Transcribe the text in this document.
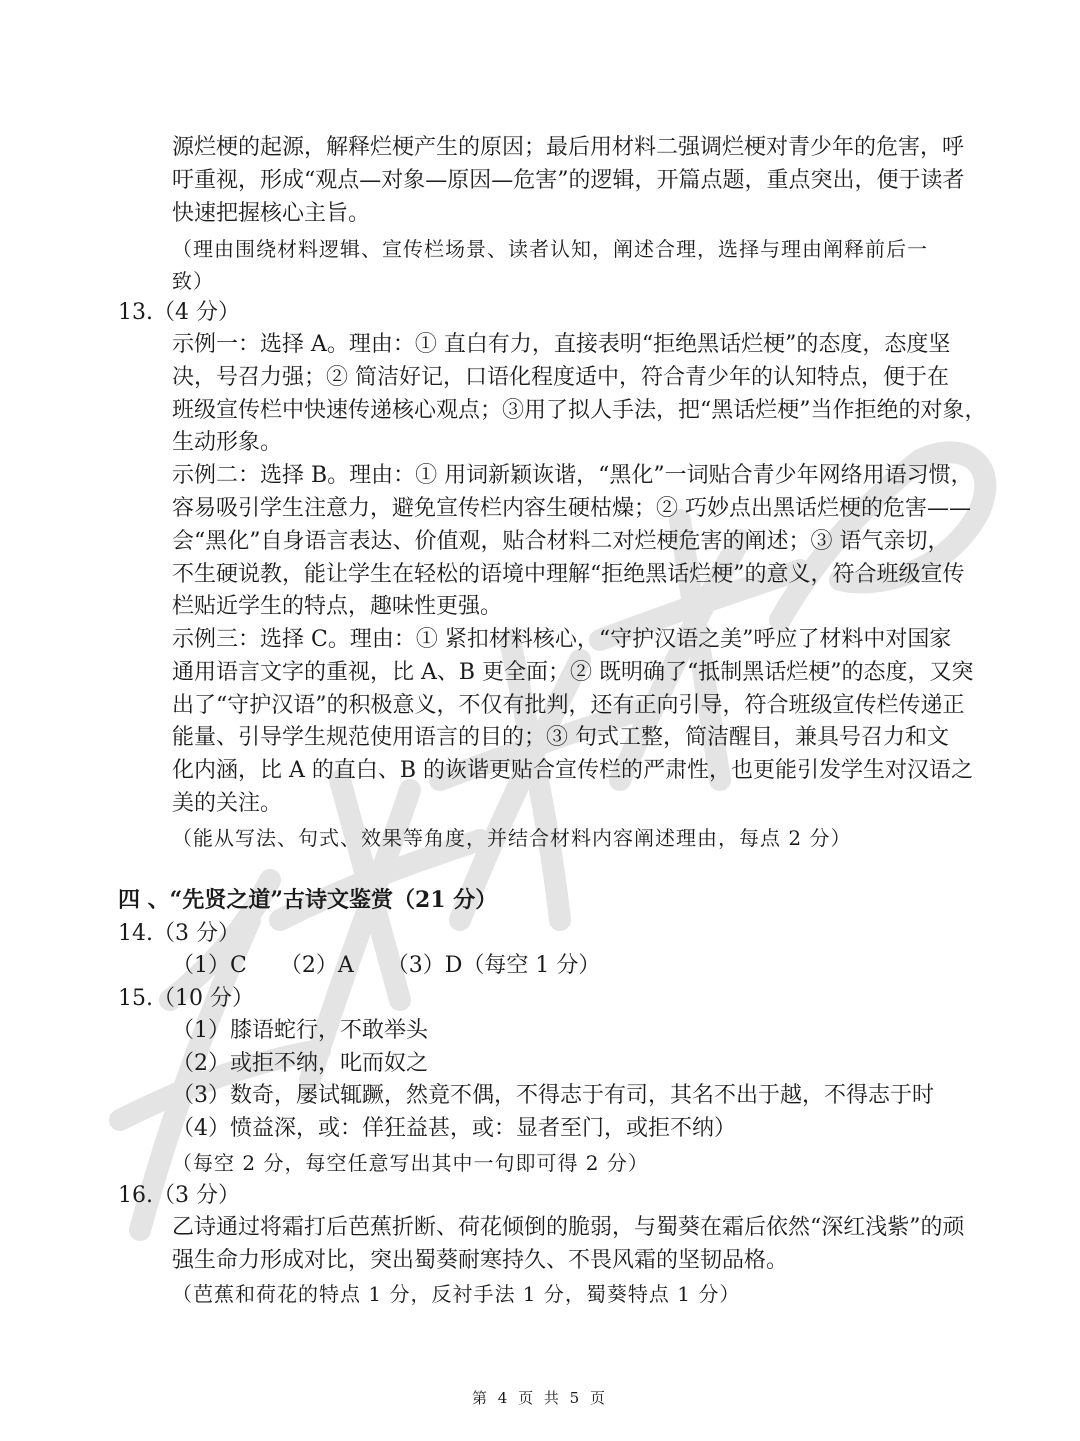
源烂梗的起源，解释烂梗产生的原因；最后用材料二强调烂梗对青少年的危害，呼
吁重视，形成“观点—对象—原因—危害”的逻辑，开篇点题，重点突出，便于读者
快速把握核心主旨。
（理由围绕材料逻辑、宣传栏场景、读者认知，阐述合理，选择与理由阐释前后一
致）
13.（4 分）
示例一：选择 A。理由：① 直白有力，直接表明“拒绝黑话烂梗”的态度，态度坚
决，号召力强；② 简洁好记，口语化程度适中，符合青少年的认知特点，便于在
班级宣传栏中快速传递核心观点；③用了拟人手法，把“黑话烂梗”当作拒绝的对象，
生动形象。
示例二：选择 B。理由：① 用词新颖诙谐，“黑化”一词贴合青少年网络用语习惯，
容易吸引学生注意力，避免宣传栏内容生硬枯燥；② 巧妙点出黑话烂梗的危害——
会“黑化”自身语言表达、价值观，贴合材料二对烂梗危害的阐述；③ 语气亲切，
不生硬说教，能让学生在轻松的语境中理解“拒绝黑话烂梗”的意义，符合班级宣传
栏贴近学生的特点，趣味性更强。
示例三：选择 C。理由：① 紧扣材料核心，“守护汉语之美”呼应了材料中对国家
通用语言文字的重视，比 A、B 更全面；② 既明确了“抵制黑话烂梗”的态度，又突
出了“守护汉语”的积极意义，不仅有批判，还有正向引导，符合班级宣传栏传递正
能量、引导学生规范使用语言的目的；③ 句式工整，简洁醒目，兼具号召力和文
化内涵，比 A 的直白、B 的诙谐更贴合宣传栏的严肃性，也更能引发学生对汉语之
美的关注。
（能从写法、句式、效果等角度，并结合材料内容阐述理由，每点 2 分）
四 、“先贤之道”古诗文鉴赏（21 分）
14.（3 分）
（1）C　　（2）A　　（3）D（每空 1 分）
15.（10 分）
（1）膝语蛇行，不敢举头
（2）或拒不纳，叱而奴之
（3）数奇，屡试辄蹶，然竟不偶，不得志于有司，其名不出于越，不得志于时
（4）愤益深，或：佯狂益甚，或：显者至门，或拒不纳）
（每空 2 分，每空任意写出其中一句即可得 2 分）
16.（3 分）
乙诗通过将霜打后芭蕉折断、荷花倾倒的脆弱，与蜀葵在霜后依然“深红浅紫”的顽
强生命力形成对比，突出蜀葵耐寒持久、不畏风霜的坚韧品格。
（芭蕉和荷花的特点 1 分，反衬手法 1 分，蜀葵特点 1 分）
第 4 页 共 5 页
